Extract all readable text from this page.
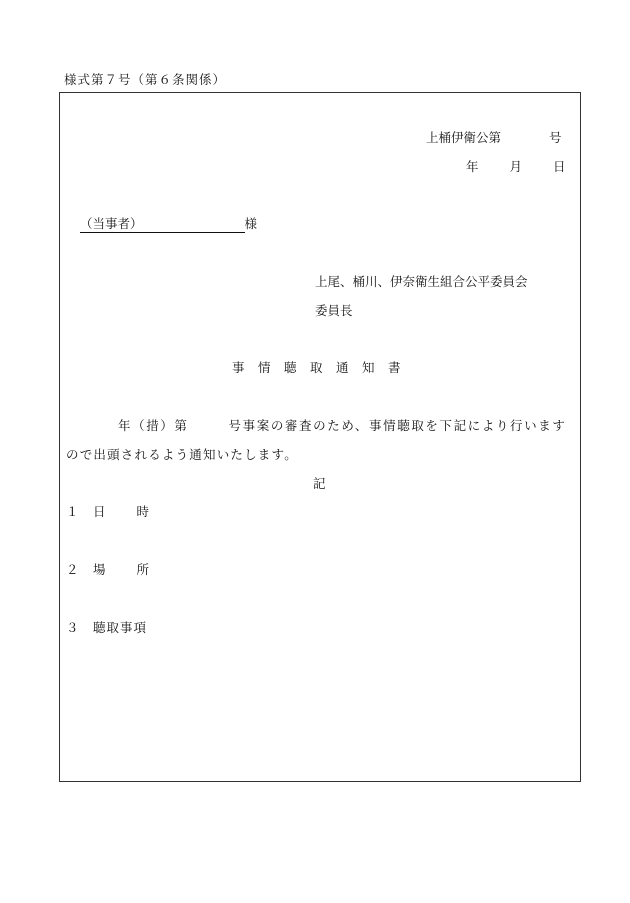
様式第７号（第６条関係）
上桶伊衛公第	号
年 月 日
（当事者）	様
上尾、桶川、伊奈衛生組合公平委員会
委員長
事情聴取通知書
年（措）第	号事案の審査のため、事情聴取を下記により行います
ので出頭されるよう通知いたします。
記
１ 日時
２ 場所
３ 聴取事項
